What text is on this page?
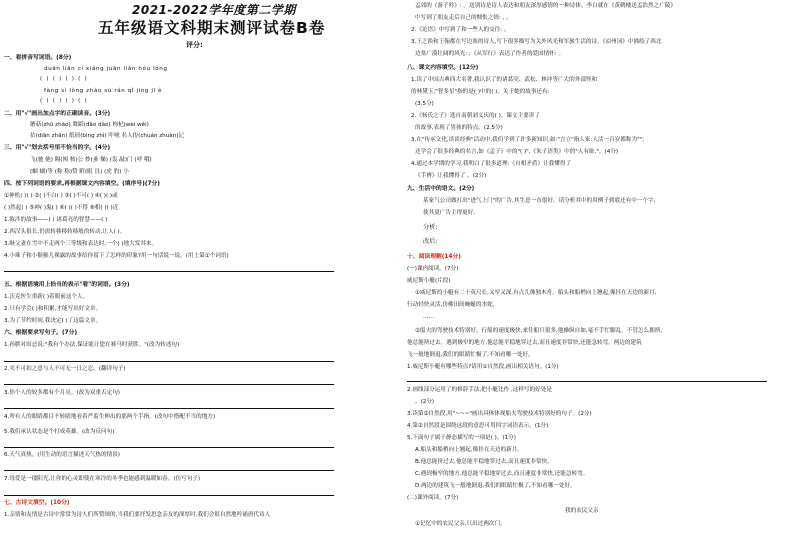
2021-2022学年度第二学期
五年级语文科期末测评试卷B卷
评分:
一、看拼音写词语。(8分)
duān liǎn cí xiáng juān liǎn hóu lóng
( ) ( ) ( ) ( )
fàng sì lǒng zhào sù rán qǐ jìng jī è
( ) ( ) ( ) ( )
二、用"√"画出加点字的正确读音。(3分)
蘑菇(zhū zhāo) 舞蹈(dǎo dào) 枸杞(wèi wěi)
拈(diān zhān) 纸屑(bìng zhì) 吓唬 名人传(chuán zhuàn)记
三、用"√"划去括号里不恰当的字。(4分)
飞(驰 弛) 隔(阂 核)公 炒(蚤 燥) (轰 敲)门 (呼 哦)
(蝈 蝈)等 (称 称)赞 附(眼 艮) (虎 豹) 小
四、按下列词语的要求,再根据课文内容填空。(填序号)(7分)
①神机( )( ) ②( )不白( ) ③( )不可( ) ④( )( )或
( )然起( ) ⑤神( )鬼( ) ⑥( )( )不得 ⑧相( )( )近
1.陈涉的故事——( ) 诸葛亮的智慧——( )
2.西汉头很长,仍需转移移转移般的转动,让人( )。
3.继父妻在雪中不走两个三等级和表达时,一个( )地大发其来。
4.小珠子和小猴猴儿裸露的故事给你留下了怎样的印象?用一句话说一说。(用上第①个词语)
五、根据语境用上恰当的表示"看"的词语。(3分)
1.沃克医生重新( )着眼前这个人。
2.只有学会( )和积累,才能写出好文章。
3.为了节约时间,我决定( )了这篇文章。
六、根据要求写句子。(7分)
1.孙膑对田忌说:"我有个办法,保证能让您在赛马时获胜。"(改为转述句)
2.夹不可扣之意与人不可无一日之忍。(翻译句子)
3.你个人的较多都有个月亮。(改为双重否定句)
4.所有人的眼睛都目不转睛地看着严监生伸出的那两个手指。(改句中搭配不当的地方)
5.我们承认状态是个打成英雄。(改为反问句)
6.天气真热。(用生动的语言描述天气热的情景)
7.母爱是一缕阳光,让你的心灵即使在寒冷的冬季也能感到温暖如春。(仿写句子)
七、古诗文填空。(10分)
1.亲情和友情是古诗中常常为诗人们所赞颂的,当我们要抒发思念亲友的深厚时,我们会很自然地吟诵唐代诗人
孟郊的《游子吟》: 。送别诗是诗人表达和朋友深厚感情的一种诗体。李白就在《黄鹤楼送孟浩然之广陵》
中写到了朋友走后自己的惆怅之情: , 。
2.《论语》中写到了和一些人的交往: 。
3.王之涣和王翰都在写边塞的诗人,写下很多描写为关外风光和军旅生活的诗。《凉州词》中描绘了西北
边塞广漠壮阔的风光: ;《从军行》表达了作者的爱国情怀: 。
八、课文内容填空。(12分)
1.读了中国古典四大名著,我认识了的诸葛亮、武松、林冲等广大的外部怪和
的林黛玉,"智多星"指的是( )中的( )。关于她的故事还有:
(3.5分)
2.《杨氏之子》选自南朝刘义庆的( )。课文主要讲了
的故事,表现了男孩的特点。(2.5分)
3.在"传承文化,谈谈经典"活动中,我们学到了许多新知识,如:"言立"指人家:人活一百岁都称为"";
还学会了很多经典的名言,如《孟子》中的"( )",《朱子语类》中的"人有耻,"。(4分)
4.通过本学期的学习,我明白了很多道理:《自相矛盾》让我懂得了
《手辨》让我懂得了 。(2分)
九、生活中的语文。(2分)
某家气公司做打出"进气上门"的广告,其生意一直很好。请分析其中的用例子到底还有中一个字,
使其更广告主得更好。
分析:
改后:
十、阅读理解(14分)
(一)课内阅读。(7分)
威尼斯小艇(片段)
①威尼斯的小艇有二十英尺长,又窄又深,有点儿像独木舟。船头和船梢向上翘起,像挂在天边的新月,
行动轻快灵活,仿佛田间蜿蜒的水蛇。
……
②船夫的驾驶技术特别好。行船的速度极快,来往船只很多,他操纵自如,毫不手忙脚乱。不管怎么拥挤,
他总能挤过去。遇到极窄的地方,他总能平稳地穿过去,而且速度非常快,还能急转弯。两边的建筑
飞一般地倒退,我们的眼睛忙极了,不知看哪一处好。
1.威尼斯小艇有哪些特点?请用①自然段,画出相关语句。(1分)
2.画线部分运用了的修辞手法,把小艇比作 ,这样写的好处是
。(2分)
3.读第②自然段,用"~~~"画出具体体现船夫驾驶技术特别好的句子。(2分)
4.第②自然段是围绕这段的意思可用四字词语表示。(1分)
5.下面句子属于静态描写的一项是( )。(1分)
A.船头和船梢向上翘起,像挂在天边的新月。
B.他总能挤过去,他总能平稳地穿过去,而且速度非常快。
C.遇到极窄的地方,他总能平稳地穿过去,而且速度非常快,还能急转弯。
D.两边的建筑飞一般地倒退,我们的眼睛忙极了,不知看哪一处好。
(二)课外阅读。(7分)
我的农民父亲
①记忆中的农民父亲,只出过两次门。
